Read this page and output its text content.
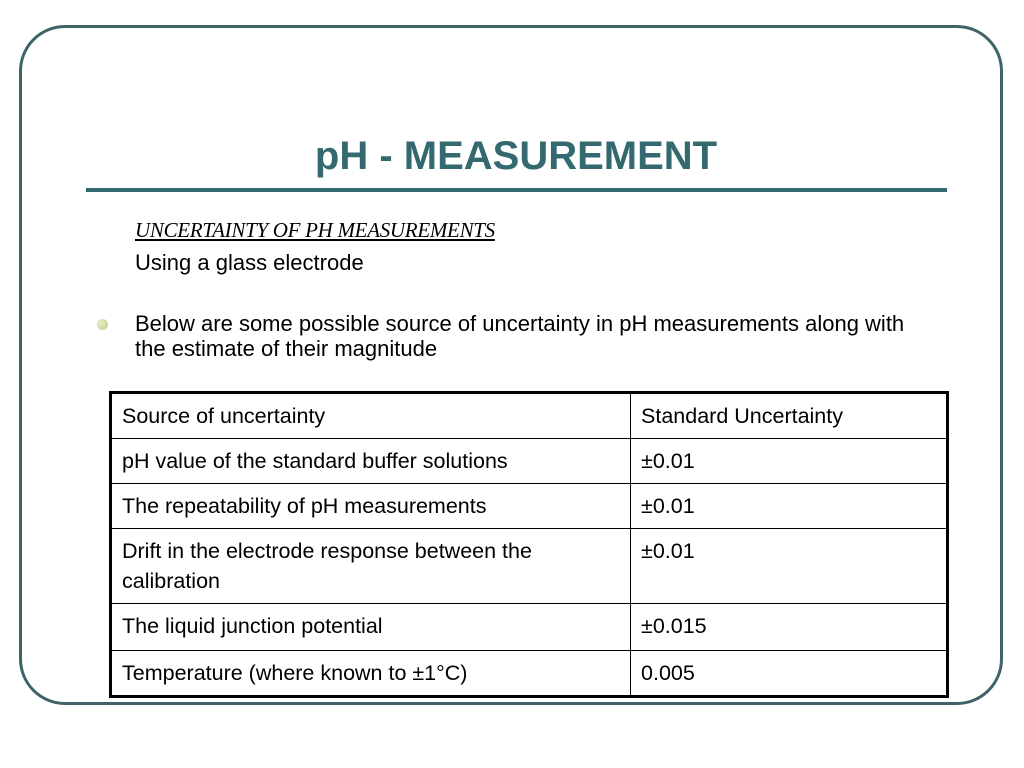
pH - MEASUREMENT
UNCERTAINTY OF PH MEASUREMENTS
Using a glass electrode
Below are some possible source of uncertainty in pH measurements along with the estimate of their magnitude
Source of uncertainty	Standard Uncertainty
pH value of the standard buffer solutions	±0.01
The repeatability of pH measurements	±0.01
Drift in the electrode response between the calibration	±0.01
The liquid junction potential	±0.015
Temperature (where known to ±1°C)	0.005
